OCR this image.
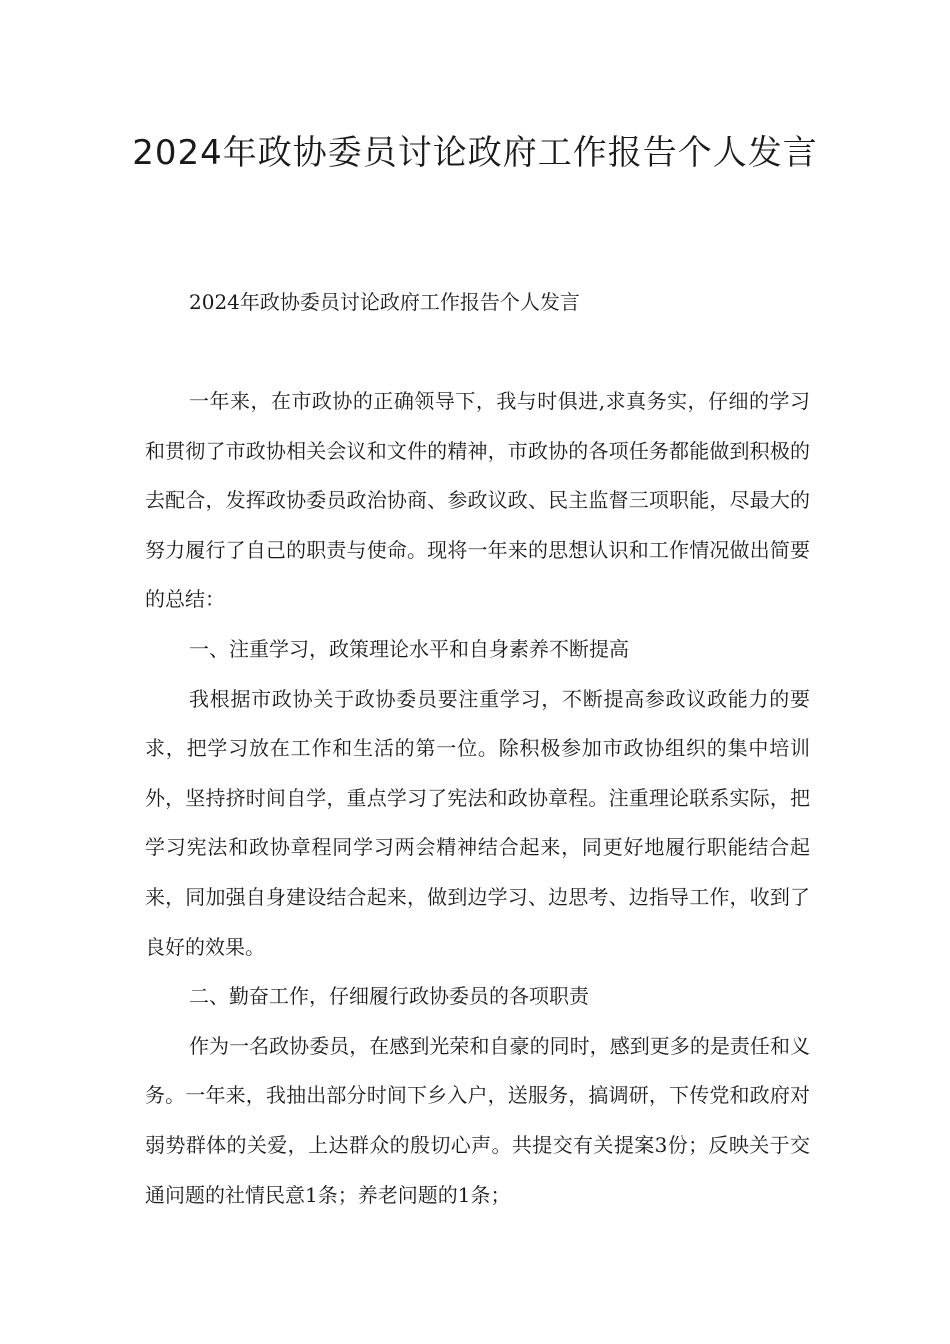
2024年政协委员讨论政府工作报告个人发言
2024年政协委员讨论政府工作报告个人发言

一年来，在市政协的正确领导下，我与时俱进,求真务实，仔细的学习和贯彻了市政协相关会议和文件的精神，市政协的各项任务都能做到积极的去配合，发挥政协委员政治协商、参政议政、民主监督三项职能，尽最大的努力履行了自己的职责与使命。现将一年来的思想认识和工作情况做出简要的总结：

一、注重学习，政策理论水平和自身素养不断提高

我根据市政协关于政协委员要注重学习，不断提高参政议政能力的要求，把学习放在工作和生活的第一位。除积极参加市政协组织的集中培训外，坚持挤时间自学，重点学习了宪法和政协章程。注重理论联系实际，把学习宪法和政协章程同学习两会精神结合起来，同更好地履行职能结合起来，同加强自身建设结合起来，做到边学习、边思考、边指导工作，收到了良好的效果。

二、勤奋工作，仔细履行政协委员的各项职责

作为一名政协委员，在感到光荣和自豪的同时，感到更多的是责任和义务。一年来，我抽出部分时间下乡入户，送服务，搞调研，下传党和政府对弱势群体的关爱，上达群众的殷切心声。共提交有关提案3份；反映关于交通问题的社情民意1条；养老问题的1条；
